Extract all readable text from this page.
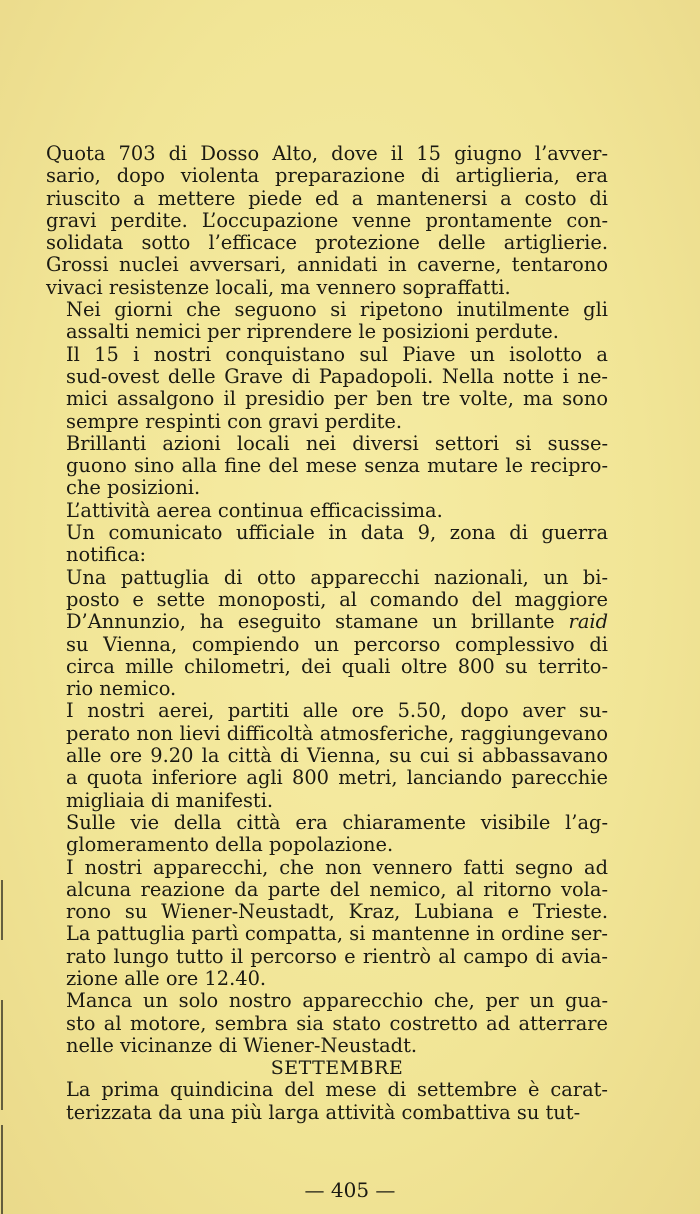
Quota 703 di Dosso Alto, dove il 15 giugno l’avver-
sario, dopo violenta preparazione di artiglieria, era
riuscito a mettere piede ed a mantenersi a costo di
gravi perdite. L’occupazione venne prontamente con-
solidata sotto l’efficace protezione delle artiglierie.
Grossi nuclei avversari, annidati in caverne, tentarono
vivaci resistenze locali, ma vennero sopraffatti.

Nei giorni che seguono si ripetono inutilmente gli
assalti nemici per riprendere le posizioni perdute.

Il 15 i nostri conquistano sul Piave un isolotto a
sud-ovest delle Grave di Papadopoli. Nella notte i ne-
mici assalgono il presidio per ben tre volte, ma sono
sempre respinti con gravi perdite.

Brillanti azioni locali nei diversi settori si susse-
guono sino alla fine del mese senza mutare le recipro-
che posizioni.

L’attività aerea continua efficacissima.

Un comunicato ufficiale in data 9, zona di guerra
notifica:

Una pattuglia di otto apparecchi nazionali, un bi-
posto e sette monoposti, al comando del maggiore
D’Annunzio, ha eseguito stamane un brillante raid
su Vienna, compiendo un percorso complessivo di
circa mille chilometri, dei quali oltre 800 su territo-
rio nemico.

I nostri aerei, partiti alle ore 5.50, dopo aver su-
perato non lievi difficoltà atmosferiche, raggiungevano
alle ore 9.20 la città di Vienna, su cui si abbassavano
a quota inferiore agli 800 metri, lanciando parecchie
migliaia di manifesti.

Sulle vie della città era chiaramente visibile l’ag-
glomeramento della popolazione.

I nostri apparecchi, che non vennero fatti segno ad
alcuna reazione da parte del nemico, al ritorno vola-
rono su Wiener-Neustadt, Kraz, Lubiana e Trieste.
La pattuglia partì compatta, si mantenne in ordine ser-
rato lungo tutto il percorso e rientrò al campo di avia-
zione alle ore 12.40.

Manca un solo nostro apparecchio che, per un gua-
sto al motore, sembra sia stato costretto ad atterrare
nelle vicinanze di Wiener-Neustadt.

SETTEMBRE

La prima quindicina del mese di settembre è carat-
terizzata da una più larga attività combattiva su tut-

— 405 —
